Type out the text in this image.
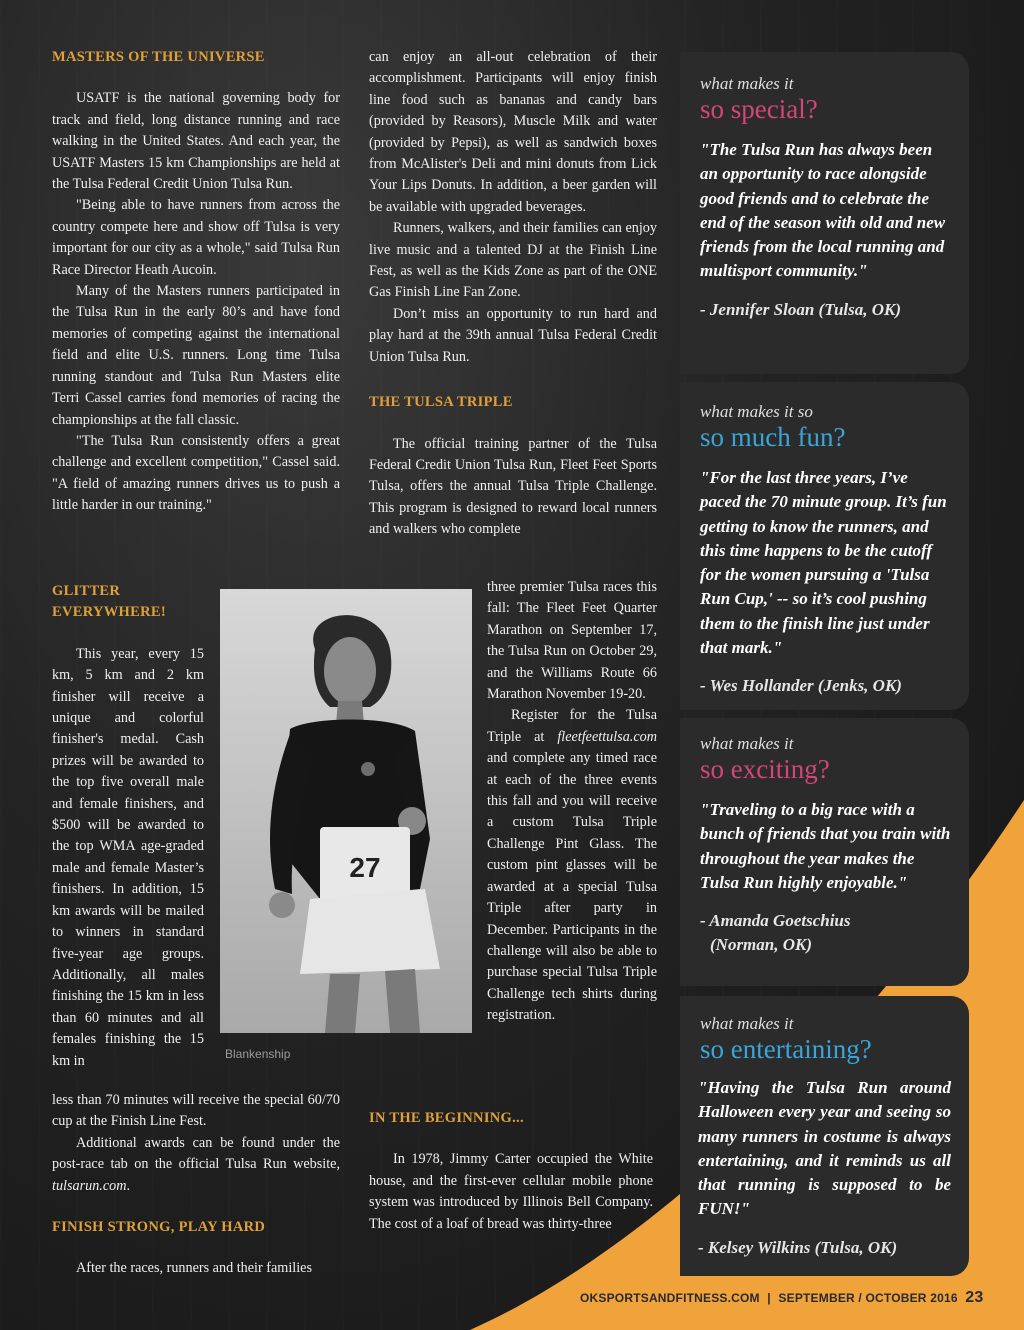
MASTERS OF THE UNIVERSE

USATF is the national governing body for track and field, long distance running and race walking in the United States. And each year, the USATF Masters 15 km Championships are held at the Tulsa Federal Credit Union Tulsa Run.

"Being able to have runners from across the country compete here and show off Tulsa is very important for our city as a whole," said Tulsa Run Race Director Heath Aucoin.

Many of the Masters runners participated in the Tulsa Run in the early 80’s and have fond memories of competing against the international field and elite U.S. runners. Long time Tulsa running standout and Tulsa Run Masters elite Terri Cassel carries fond memories of racing the championships at the fall classic.

"The Tulsa Run consistently offers a great challenge and excellent competition," Cassel said. "A field of amazing runners drives us to push a little harder in our training."

GLITTER

EVERYWHERE!

This year, every 15 km, 5 km and 2 km finisher will receive a unique and colorful finisher's medal. Cash prizes will be awarded to the top five overall male and female finishers, and $500 will be awarded to the top WMA age-graded male and female Master’s finishers. In addition, 15 km awards will be mailed to winners in standard five-year age groups. Additionally, all males finishing the 15 km in less than 60 minutes and all females finishing the 15 km in

less than 70 minutes will receive the special 60/70 cup at the Finish Line Fest.

Additional awards can be found under the post-race tab on the official Tulsa Run website, tulsarun.com.

FINISH STRONG, PLAY HARD

After the races, runners and their families

can enjoy an all-out celebration of their accomplishment. Participants will enjoy finish line food such as bananas and candy bars (provided by Reasors), Muscle Milk and water (provided by Pepsi), as well as sandwich boxes from McAlister's Deli and mini donuts from Lick Your Lips Donuts. In addition, a beer garden will be available with upgraded beverages.

Runners, walkers, and their families can enjoy live music and a talented DJ at the Finish Line Fest, as well as the Kids Zone as part of the ONE Gas Finish Line Fan Zone.

Don’t miss an opportunity to run hard and play hard at the 39th annual Tulsa Federal Credit Union Tulsa Run.

THE TULSA TRIPLE

The official training partner of the Tulsa Federal Credit Union Tulsa Run, Fleet Feet Sports Tulsa, offers the annual Tulsa Triple Challenge. This program is designed to reward local runners and walkers who complete

three premier Tulsa races this fall: The Fleet Feet Quarter Marathon on September 17, the Tulsa Run on October 29, and the Williams Route 66 Marathon November 19-20.

Register for the Tulsa Triple at fleetfeettulsa.com and complete any timed race at each of the three events this fall and you will receive a custom Tulsa Triple Challenge Pint Glass. The custom pint glasses will be awarded at a special Tulsa Triple after party in December. Participants in the challenge will also be able to purchase special Tulsa Triple Challenge tech shirts during registration.

IN THE BEGINNING...

In 1978, Jimmy Carter occupied the White house, and the first-ever cellular mobile phone system was introduced by Illinois Bell Company. The cost of a loaf of bread was thirty-three

27
Blankenship

what makes it

so special?

"The Tulsa Run has always been an opportunity to race alongside good friends and to celebrate the end of the season with old and new friends from the local running and multisport community."

- Jennifer Sloan (Tulsa, OK)

what makes it so

so much fun?

"For the last three years, I’ve paced the 70 minute group. It’s fun getting to know the runners, and this time happens to be the cutoff for the women pursuing a 'Tulsa Run Cup,' -- so it’s cool pushing them to the finish line just under that mark."

- Wes Hollander (Jenks, OK)

what makes it

so exciting?

"Traveling to a big race with a bunch of friends that you train with throughout the year makes the Tulsa Run highly enjoyable."

- Amanda Goetschius

(Norman, OK)

what makes it

so entertaining?

"Having the Tulsa Run around Halloween every year and seeing so many runners in costume is always entertaining, and it reminds us all that running is supposed to be FUN!"

- Kelsey Wilkins (Tulsa, OK)

OKSPORTSANDFITNESS.COM | SEPTEMBER / OCTOBER 2016 23
